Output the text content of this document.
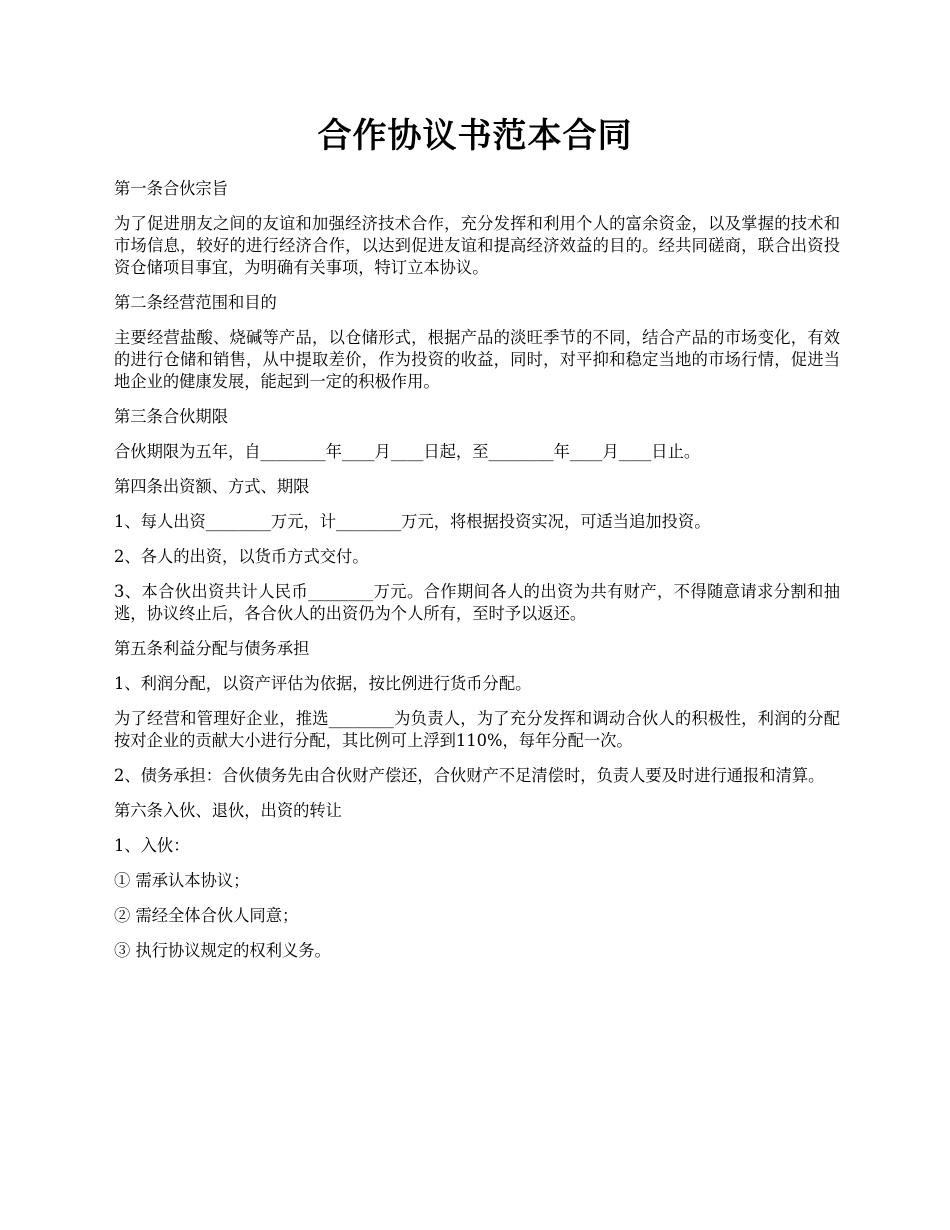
合作协议书范本合同

第一条合伙宗旨

为了促进朋友之间的友谊和加强经济技术合作，充分发挥和利用个人的富余资金，以及掌握的技术和市场信息，较好的进行经济合作，以达到促进友谊和提高经济效益的目的。经共同磋商，联合出资投资仓储项目事宜，为明确有关事项，特订立本协议。

第二条经营范围和目的

主要经营盐酸、烧碱等产品，以仓储形式，根据产品的淡旺季节的不同，结合产品的市场变化，有效的进行仓储和销售，从中提取差价，作为投资的收益，同时，对平抑和稳定当地的市场行情，促进当地企业的健康发展，能起到一定的积极作用。

第三条合伙期限

合伙期限为五年，自________年____月____日起，至________年____月____日止。

第四条出资额、方式、期限

1、每人出资________万元，计________万元，将根据投资实况，可适当追加投资。

2、各人的出资，以货币方式交付。

3、本合伙出资共计人民币________万元。合作期间各人的出资为共有财产，不得随意请求分割和抽逃，协议终止后，各合伙人的出资仍为个人所有，至时予以返还。

第五条利益分配与债务承担

1、利润分配，以资产评估为依据，按比例进行货币分配。

为了经营和管理好企业，推选________为负责人，为了充分发挥和调动合伙人的积极性，利润的分配按对企业的贡献大小进行分配，其比例可上浮到110%，每年分配一次。

2、债务承担：合伙债务先由合伙财产偿还，合伙财产不足清偿时，负责人要及时进行通报和清算。

第六条入伙、退伙，出资的转让

1、入伙：

① 需承认本协议；

② 需经全体合伙人同意；

③ 执行协议规定的权利义务。
